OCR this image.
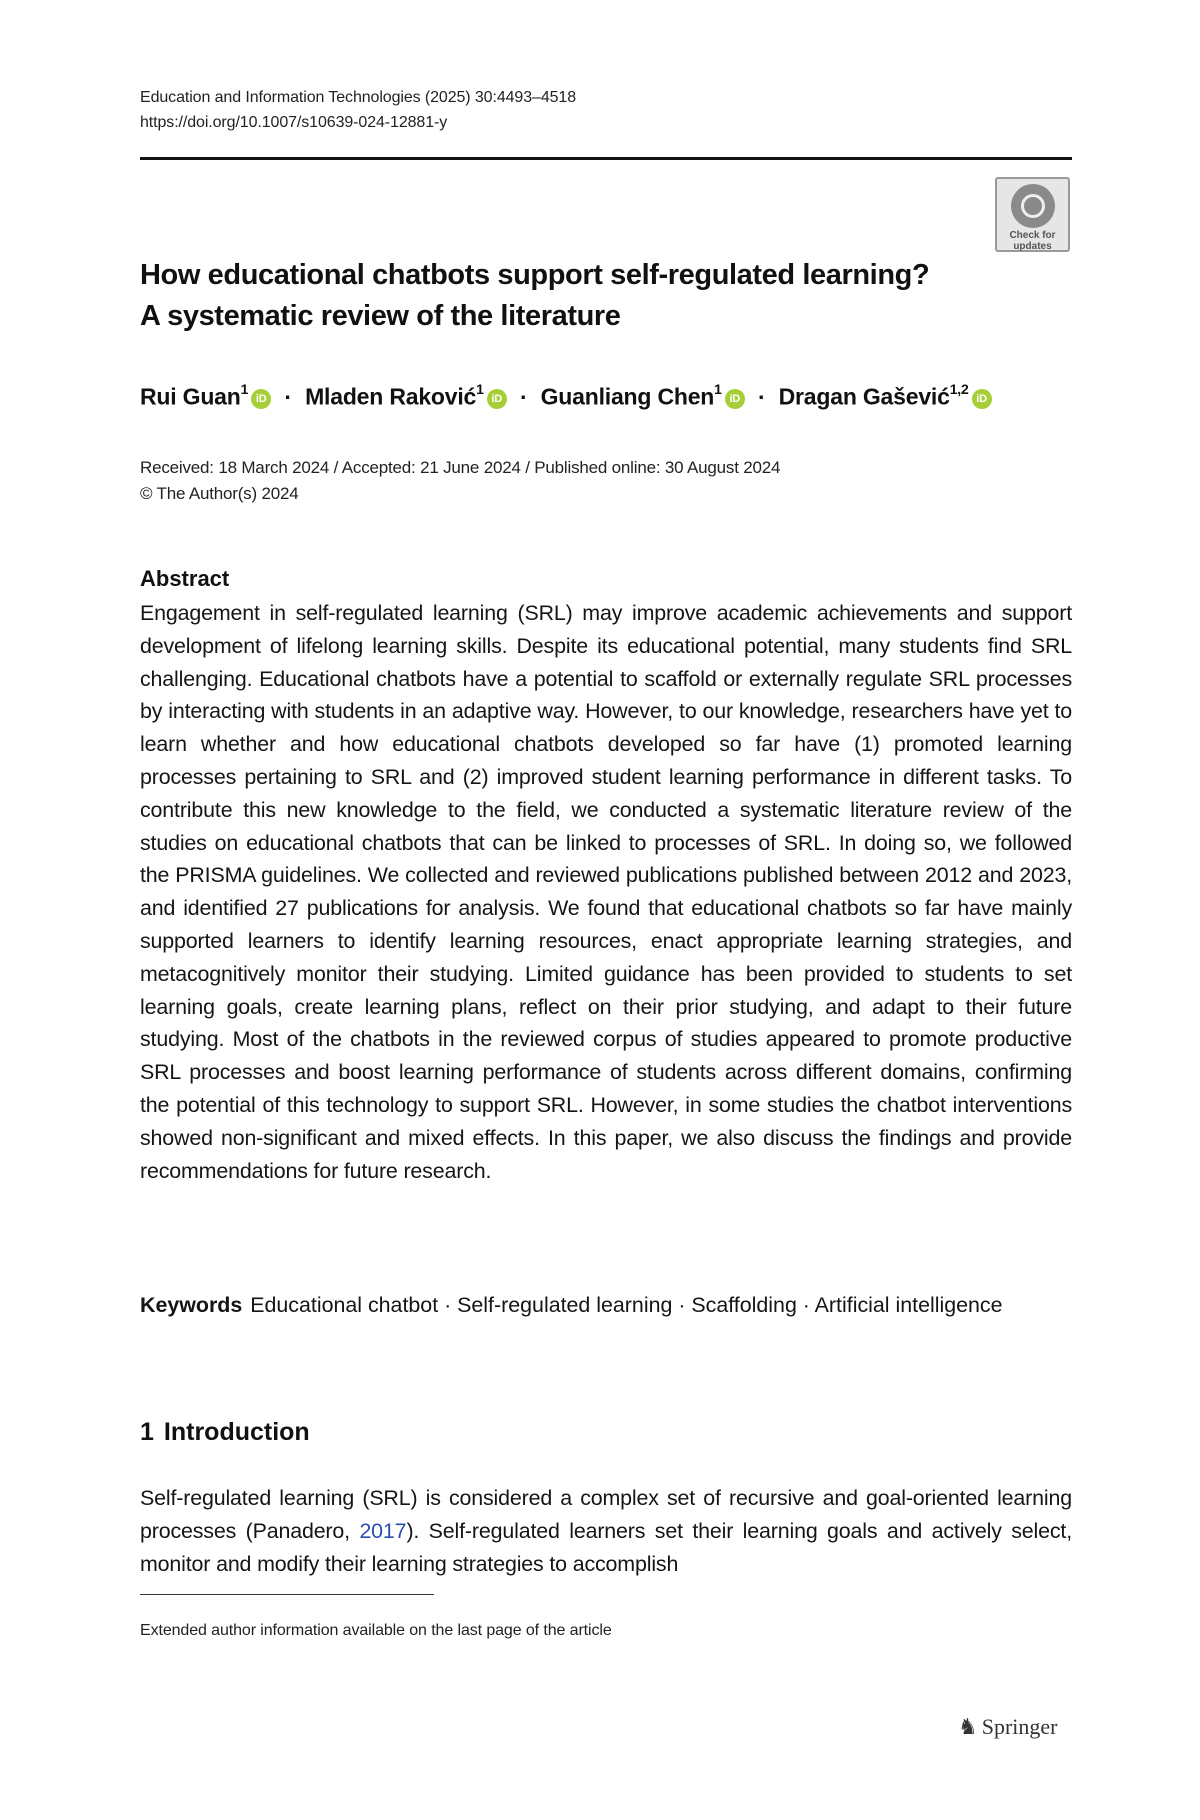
Education and Information Technologies (2025) 30:4493–4518
https://doi.org/10.1007/s10639-024-12881-y
Check for
updates
How educational chatbots support self-regulated learning?
A systematic review of the literature
Rui Guan$^1$iD · Mladen Raković$^1$iD · Guanliang Chen$^1$iD · Dragan Gašević$^{1,2}$iD
Received: 18 March 2024 / Accepted: 21 June 2024 / Published online: 30 August 2024
© The Author(s) 2024
Abstract
Engagement in self-regulated learning (SRL) may improve academic achievements and support development of lifelong learning skills. Despite its educational potential, many students find SRL challenging. Educational chatbots have a potential to scaffold or externally regulate SRL processes by interacting with students in an adaptive way. However, to our knowledge, researchers have yet to learn whether and how educational chatbots developed so far have (1) promoted learning processes pertaining to SRL and (2) improved student learning performance in different tasks. To contribute this new knowledge to the field, we conducted a systematic literature review of the studies on educational chatbots that can be linked to processes of SRL. In doing so, we followed the PRISMA guidelines. We collected and reviewed publications published between 2012 and 2023, and identified 27 publications for analysis. We found that educational chatbots so far have mainly supported learners to identify learning resources, enact appropriate learning strategies, and metacognitively monitor their studying. Limited guidance has been provided to students to set learning goals, create learning plans, reflect on their prior studying, and adapt to their future studying. Most of the chatbots in the reviewed corpus of studies appeared to promote productive SRL processes and boost learning performance of students across different domains, confirming the potential of this technology to support SRL. However, in some studies the chatbot interventions showed non-significant and mixed effects. In this paper, we also discuss the findings and provide recommendations for future research.
Keywords Educational chatbot · Self-regulated learning · Scaffolding · Artificial intelligence
1 Introduction
Self-regulated learning (SRL) is considered a complex set of recursive and goal-oriented learning processes (Panadero, 2017). Self-regulated learners set their learning goals and actively select, monitor and modify their learning strategies to accomplish
Extended author information available on the last page of the article
♞ Springer
